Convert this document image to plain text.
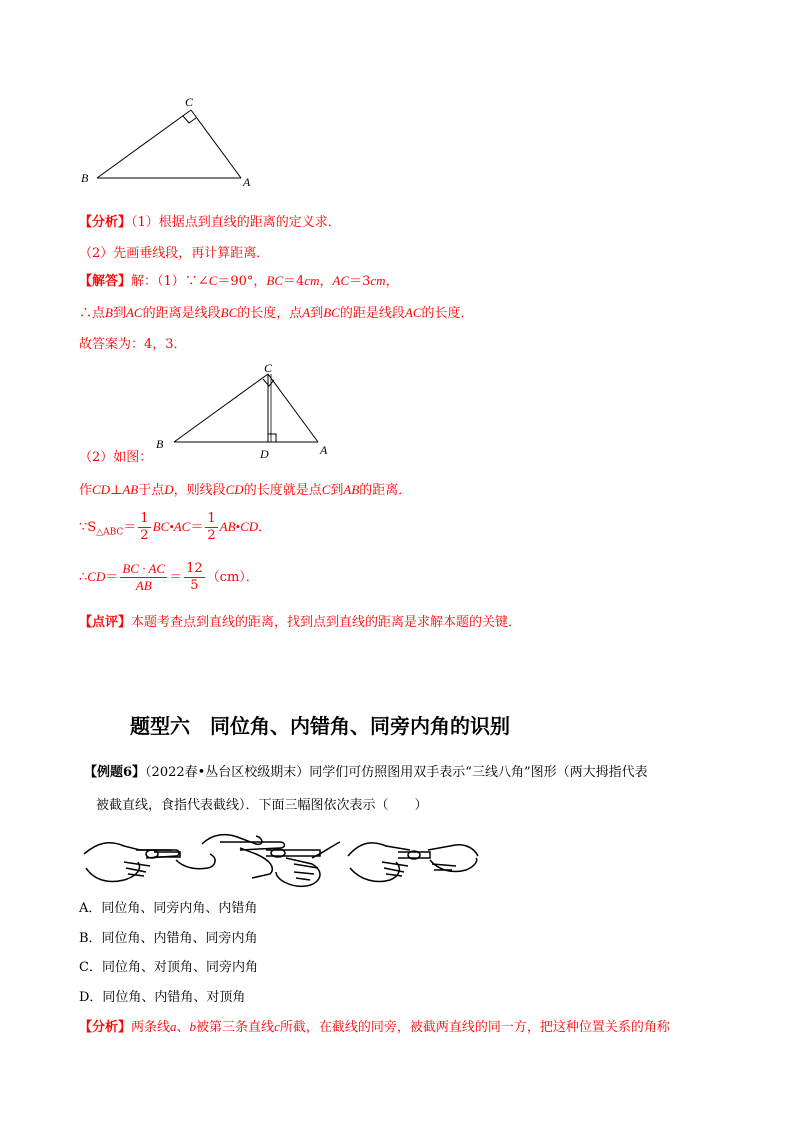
C
B	A
【分析】（1）根据点到直线的距离的定义求．
（2）先画垂线段，再计算距离．
【解答】解：（1）∵∠C＝90°，BC＝4cm，AC＝3cm，
∴点B到AC的距离是线段BC的长度，点A到BC的距是线段AC的长度．
故答案为：4，3．
C
B	A
D
（2）如图：
作CD⊥AB于点D，则线段CD的长度就是点C到AB的距离．
$\because S_{\triangle ABC}= \frac{1}{2}$ BC•AC＝ $\frac{1}{2}$ AB•CD．
∴CD＝ $\frac{BC \cdot AC}{AB} = \frac{12}{5} (cm)$．
【点评】本题考查点到直线的距离，找到点到直线的距离是求解本题的关键．
题型六　同位角、内错角、同旁内角的识别
【例题6】（2022春•丛台区校级期末）同学们可仿照图用双手表示“三线八角”图形（两大拇指代表
被截直线，食指代表截线）．下面三幅图依次表示（　　）
A．同位角、同旁内角、内错角
B．同位角、内错角、同旁内角
C．同位角、对顶角、同旁内角
D．同位角、内错角、对顶角
【分析】两条线a、b被第三条直线c所截，在截线的同旁，被截两直线的同一方，把这种位置关系的角称
